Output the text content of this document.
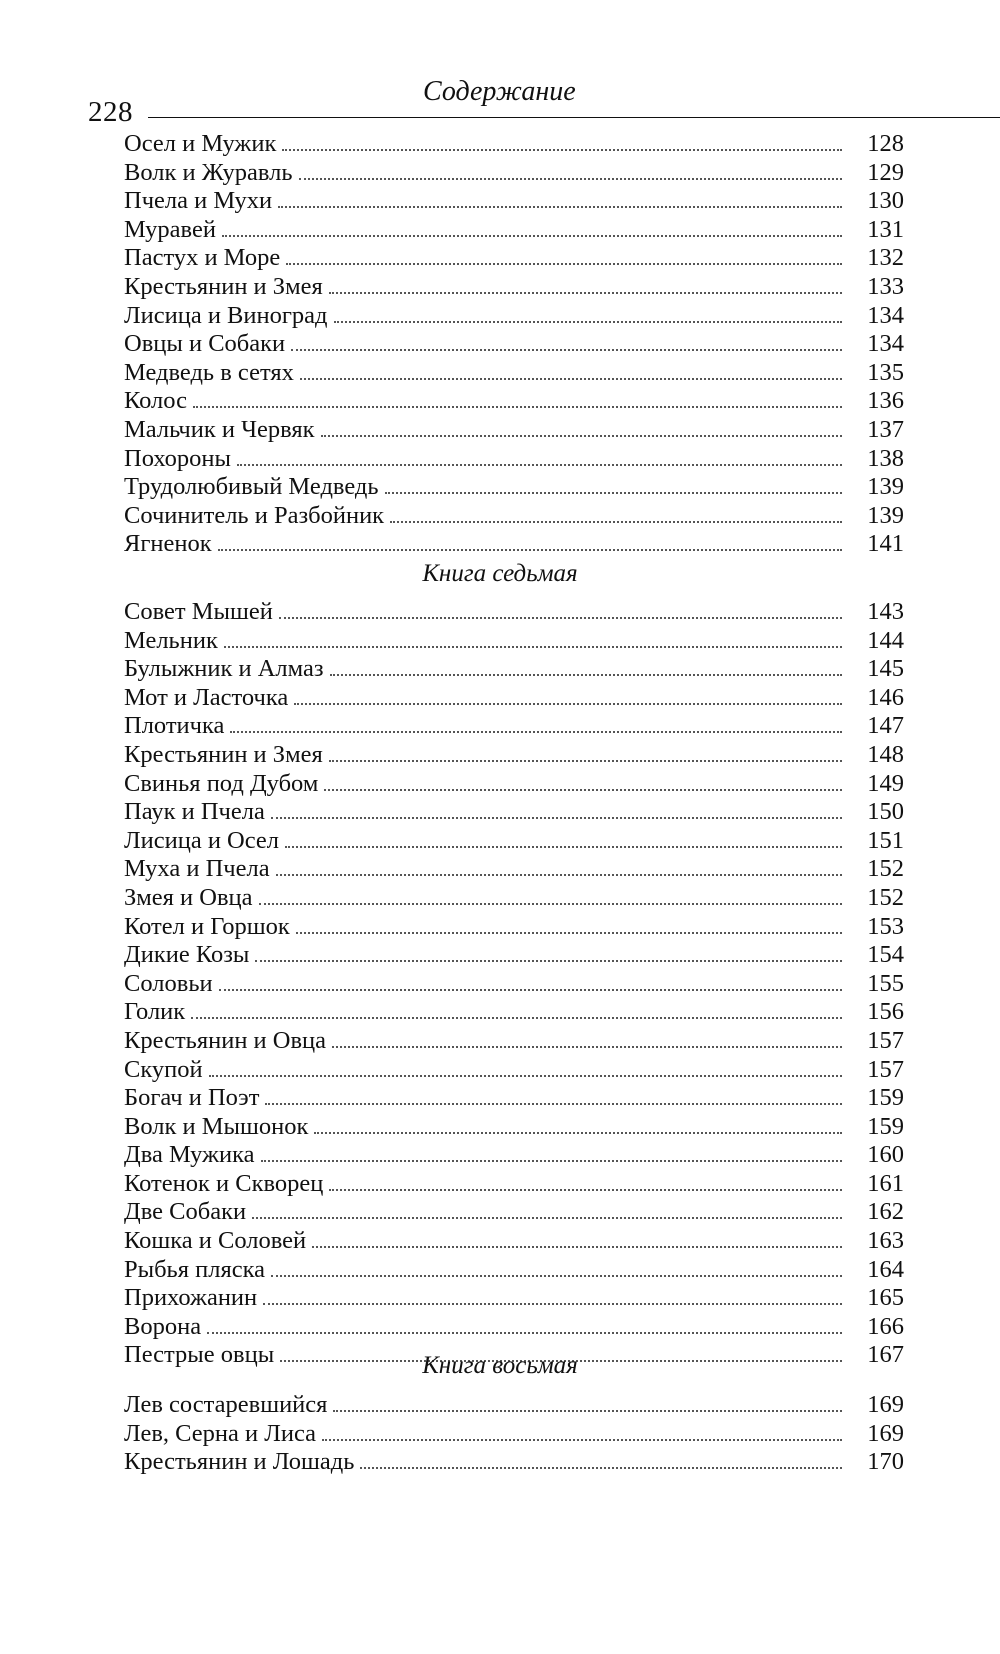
228
Содержание
Осел и Мужик	128
Волк и Журавль	129
Пчела и Мухи	130
Муравей	131
Пастух и Море	132
Крестьянин и Змея	133
Лисица и Виноград	134
Овцы и Собаки	134
Медведь в сетях	135
Колос	136
Мальчик и Червяк	137
Похороны	138
Трудолюбивый Медведь	139
Сочинитель и Разбойник	139
Ягненок	141
Книга седьмая
Совет Мышей	143
Мельник	144
Булыжник и Алмаз	145
Мот и Ласточка	146
Плотичка	147
Крестьянин и Змея	148
Свинья под Дубом	149
Паук и Пчела	150
Лисица и Осел	151
Муха и Пчела	152
Змея и Овца	152
Котел и Горшок	153
Дикие Козы	154
Соловьи	155
Голик	156
Крестьянин и Овца	157
Скупой	157
Богач и Поэт	159
Волк и Мышонок	159
Два Мужика	160
Котенок и Скворец	161
Две Собаки	162
Кошка и Соловей	163
Рыбья пляска	164
Прихожанин	165
Ворона	166
Пестрые овцы	167
Книга восьмая
Лев состаревшийся	169
Лев, Серна и Лиса	169
Крестьянин и Лошадь	170
